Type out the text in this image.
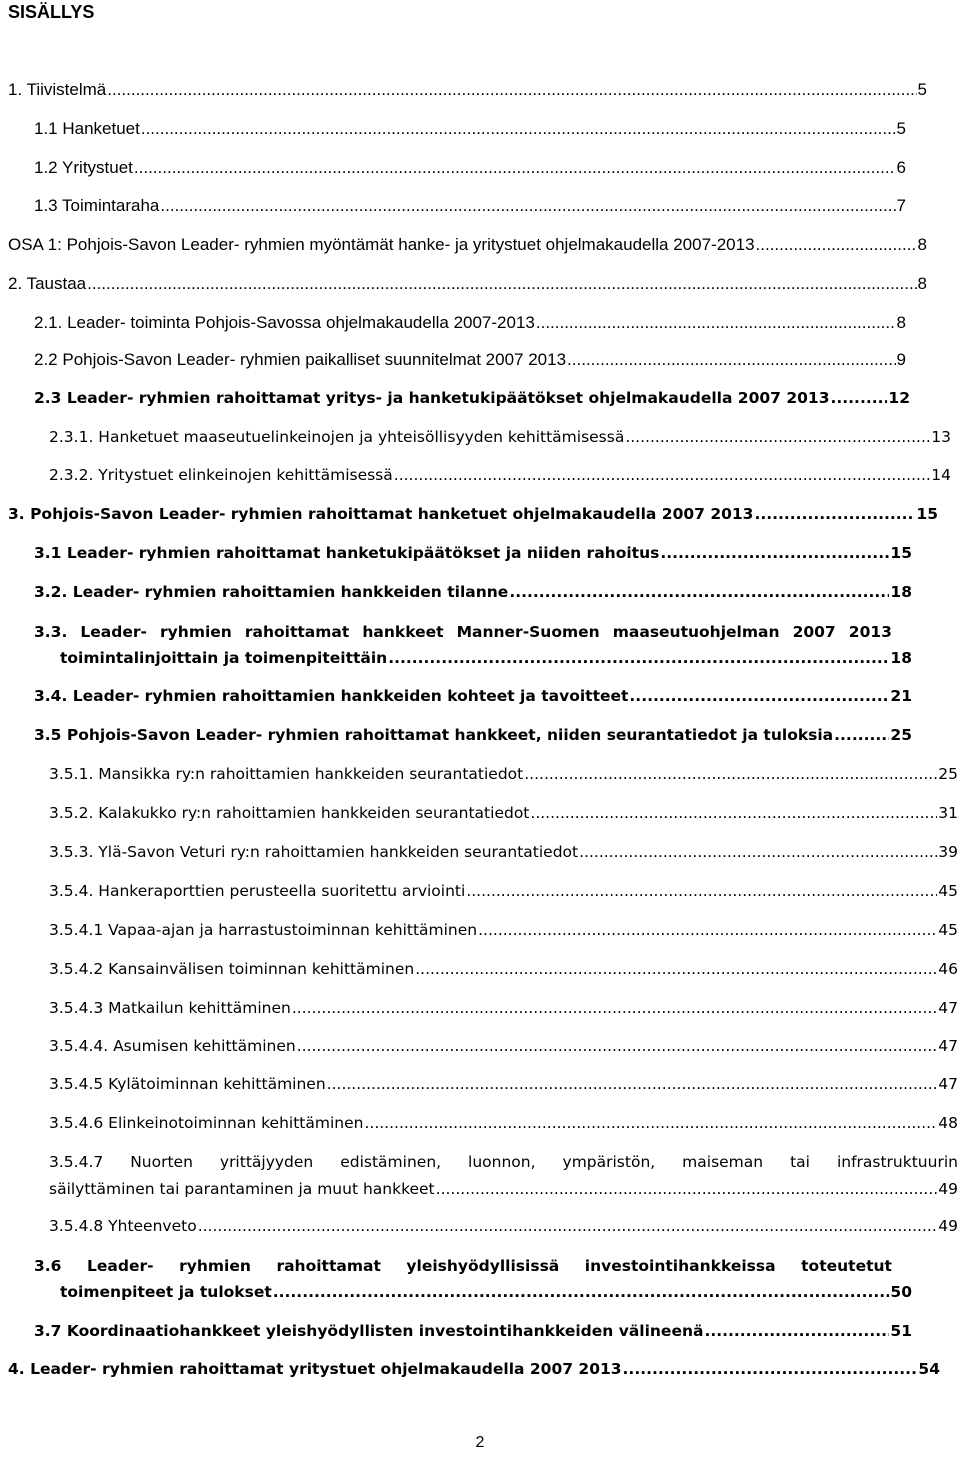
SISÄLLYS
1. Tiivistelmä .....	5
1.1 Hanketuet .....	5
1.2 Yritystuet .....	6
1.3 Toimintaraha .....	7
OSA 1: Pohjois-Savon Leader- ryhmien myöntämät hanke- ja yritystuet ohjelmakaudella 2007-2013 .....	8
2. Taustaa .....	8
2.1. Leader- toiminta Pohjois-Savossa ohjelmakaudella 2007-2013 .....	8
2.2 Pohjois-Savon Leader- ryhmien paikalliset suunnitelmat 2007 2013 .....	9
2.3 Leader- ryhmien rahoittamat yritys- ja hanketukipäätökset ohjelmakaudella 2007 2013 .....	12
2.3.1. Hanketuet maaseutuelinkeinojen ja yhteisöllisyyden kehittämisessä .....	13
2.3.2. Yritystuet elinkeinojen kehittämisessä .....	14
3. Pohjois-Savon Leader- ryhmien rahoittamat hanketuet ohjelmakaudella 2007 2013 .....	15
3.1 Leader- ryhmien rahoittamat hanketukipäätökset ja niiden rahoitus .....	15
3.2. Leader- ryhmien rahoittamien hankkeiden tilanne .....	18
3.3. Leader- ryhmien rahoittamat hankkeet Manner-Suomen maaseutuohjelman 2007 2013
toimintalinjoittain ja toimenpiteittäin .....	18
3.4. Leader- ryhmien rahoittamien hankkeiden kohteet ja tavoitteet .....	21
3.5 Pohjois-Savon Leader- ryhmien rahoittamat hankkeet, niiden seurantatiedot ja tuloksia .....	25
3.5.1. Mansikka ry:n rahoittamien hankkeiden seurantatiedot .....	25
3.5.2. Kalakukko ry:n rahoittamien hankkeiden seurantatiedot .....	31
3.5.3. Ylä-Savon Veturi ry:n rahoittamien hankkeiden seurantatiedot .....	39
3.5.4. Hankeraporttien perusteella suoritettu arviointi .....	45
3.5.4.1 Vapaa-ajan ja harrastustoiminnan kehittäminen .....	45
3.5.4.2 Kansainvälisen toiminnan kehittäminen .....	46
3.5.4.3 Matkailun kehittäminen .....	47
3.5.4.4. Asumisen kehittäminen .....	47
3.5.4.5 Kylätoiminnan kehittäminen .....	47
3.5.4.6 Elinkeinotoiminnan kehittäminen .....	48
3.5.4.7 Nuorten yrittäjyyden edistäminen, luonnon, ympäristön, maiseman tai infrastruktuurin
säilyttäminen tai parantaminen ja muut hankkeet .....	49
3.5.4.8 Yhteenveto .....	49
3.6 Leader- ryhmien rahoittamat yleishyödyllisissä investointihankkeissa toteutetut
toimenpiteet ja tulokset .....	50
3.7 Koordinaatiohankkeet yleishyödyllisten investointihankkeiden välineenä .....	51
4. Leader- ryhmien rahoittamat yritystuet ohjelmakaudella 2007 2013 .....	54
2
